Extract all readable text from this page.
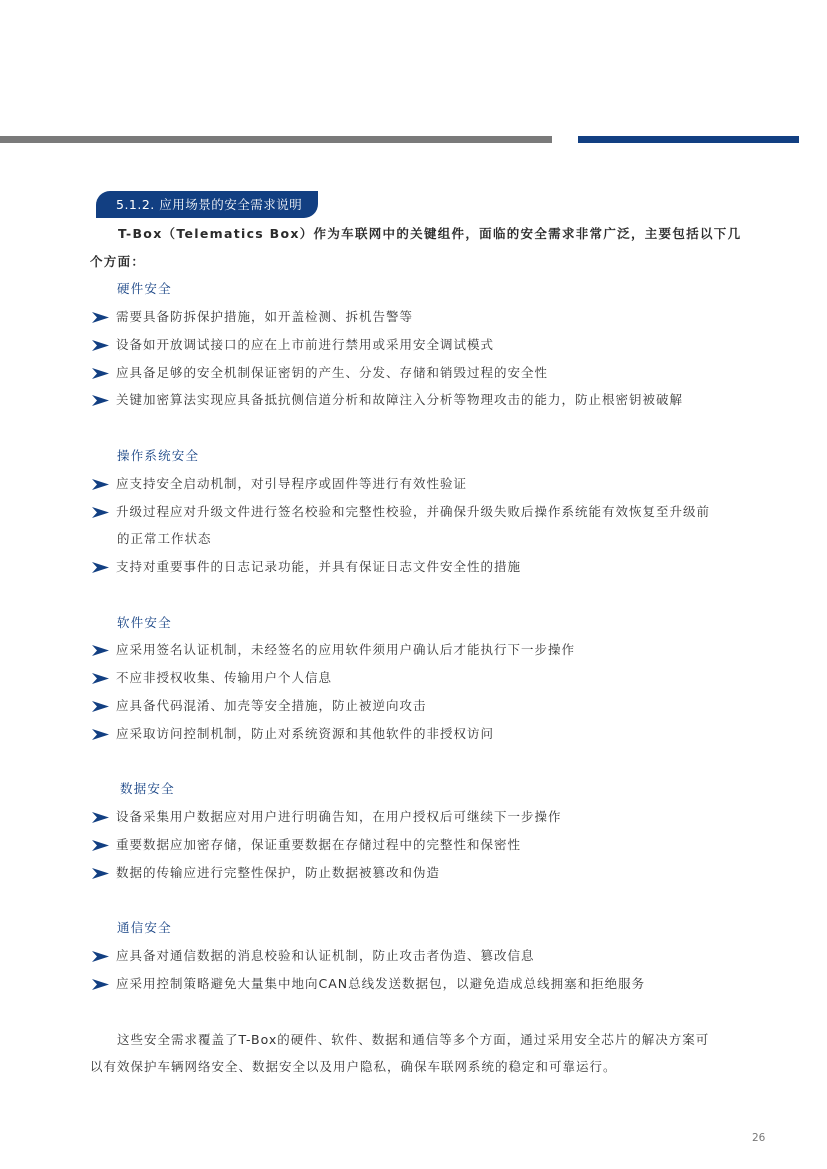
5.1.2. 应用场景的安全需求说明
T-Box（Telematics Box）作为车联网中的关键组件，面临的安全需求非常广泛，主要包括以下几
个方面：
硬件安全
需要具备防拆保护措施，如开盖检测、拆机告警等
设备如开放调试接口的应在上市前进行禁用或采用安全调试模式
应具备足够的安全机制保证密钥的产生、分发、存储和销毁过程的安全性
关键加密算法实现应具备抵抗侧信道分析和故障注入分析等物理攻击的能力，防止根密钥被破解
操作系统安全
应支持安全启动机制，对引导程序或固件等进行有效性验证
升级过程应对升级文件进行签名校验和完整性校验，并确保升级失败后操作系统能有效恢复至升级前
的正常工作状态
支持对重要事件的日志记录功能，并具有保证日志文件安全性的措施
软件安全
应采用签名认证机制，未经签名的应用软件须用户确认后才能执行下一步操作
不应非授权收集、传输用户个人信息
应具备代码混淆、加壳等安全措施，防止被逆向攻击
应采取访问控制机制，防止对系统资源和其他软件的非授权访问
数据安全
设备采集用户数据应对用户进行明确告知，在用户授权后可继续下一步操作
重要数据应加密存储，保证重要数据在存储过程中的完整性和保密性
数据的传输应进行完整性保护，防止数据被篡改和伪造
通信安全
应具备对通信数据的消息校验和认证机制，防止攻击者伪造、篡改信息
应采用控制策略避免大量集中地向CAN总线发送数据包，以避免造成总线拥塞和拒绝服务
这些安全需求覆盖了T-Box的硬件、软件、数据和通信等多个方面，通过采用安全芯片的解决方案可
以有效保护车辆网络安全、数据安全以及用户隐私，确保车联网系统的稳定和可靠运行。
26
